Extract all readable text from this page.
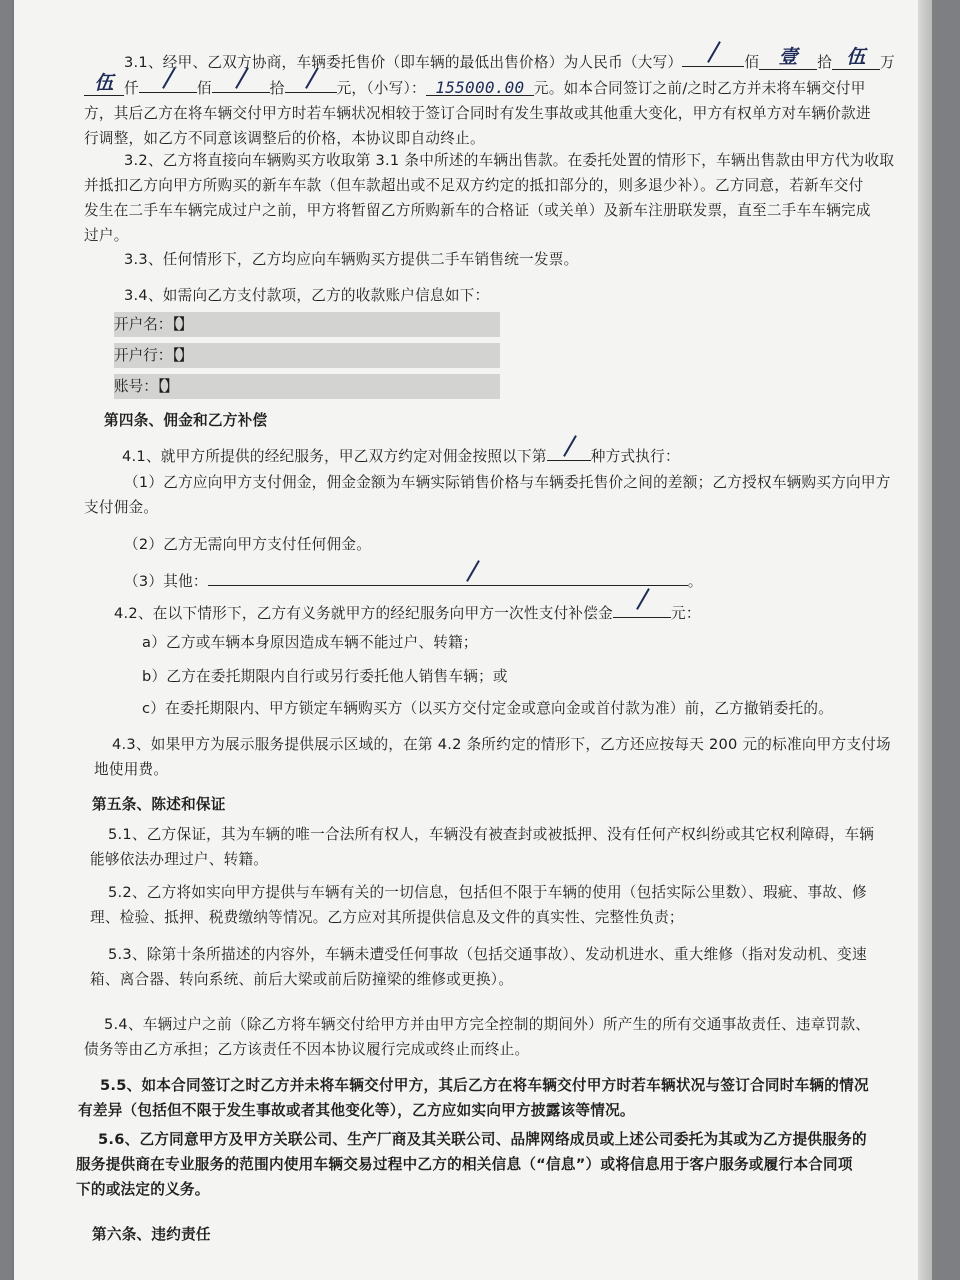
3.1、经甲、乙双方协商，车辆委托售价（即车辆的最低出售价格）为人民币（大写）	佰 壹 拾 伍 万
伍 仟	佰	拾	元，（小写）： 155000.00 元。如本合同签订之前/之时乙方并未将车辆交付甲
方，其后乙方在将车辆交付甲方时若车辆状况相较于签订合同时有发生事故或其他重大变化，甲方有权单方对车辆价款进
行调整，如乙方不同意该调整后的价格，本协议即自动终止。
3.2、乙方将直接向车辆购买方收取第 3.1 条中所述的车辆出售款。在委托处置的情形下，车辆出售款由甲方代为收取
并抵扣乙方向甲方所购买的新车车款（但车款超出或不足双方约定的抵扣部分的，则多退少补）。乙方同意，若新车交付
发生在二手车车辆完成过户之前，甲方将暂留乙方所购新车的合格证（或关单）及新车注册联发票，直至二手车车辆完成
过户。
3.3、任何情形下，乙方均应向车辆购买方提供二手车销售统一发票。
3.4、如需向乙方支付款项，乙方的收款账户信息如下：
开户名：【 】
开户行：【 】
账号：【 】
第四条、佣金和乙方补偿
4.1、就甲方所提供的经纪服务，甲乙双方约定对佣金按照以下第	种方式执行：
（1）乙方应向甲方支付佣金，佣金金额为车辆实际销售价格与车辆委托售价之间的差额；乙方授权车辆购买方向甲方
支付佣金。
（2）乙方无需向甲方支付任何佣金。
（3）其他：	。
4.2、在以下情形下，乙方有义务就甲方的经纪服务向甲方一次性支付补偿金	元：
a）乙方或车辆本身原因造成车辆不能过户、转籍；
b）乙方在委托期限内自行或另行委托他人销售车辆；或
c）在委托期限内、甲方锁定车辆购买方（以买方交付定金或意向金或首付款为准）前，乙方撤销委托的。
4.3、如果甲方为展示服务提供展示区域的，在第 4.2 条所约定的情形下，乙方还应按每天 200 元的标准向甲方支付场
地使用费。
第五条、陈述和保证
5.1、乙方保证，其为车辆的唯一合法所有权人，车辆没有被查封或被抵押、没有任何产权纠纷或其它权利障碍，车辆
能够依法办理过户、转籍。
5.2、乙方将如实向甲方提供与车辆有关的一切信息，包括但不限于车辆的使用（包括实际公里数）、瑕疵、事故、修
理、检验、抵押、税费缴纳等情况。乙方应对其所提供信息及文件的真实性、完整性负责；
5.3、除第十条所描述的内容外，车辆未遭受任何事故（包括交通事故）、发动机进水、重大维修（指对发动机、变速
箱、离合器、转向系统、前后大梁或前后防撞梁的维修或更换）。
5.4、车辆过户之前（除乙方将车辆交付给甲方并由甲方完全控制的期间外）所产生的所有交通事故责任、违章罚款、
债务等由乙方承担；乙方该责任不因本协议履行完成或终止而终止。
5.5、如本合同签订之时乙方并未将车辆交付甲方，其后乙方在将车辆交付甲方时若车辆状况与签订合同时车辆的情况
有差异（包括但不限于发生事故或者其他变化等），乙方应如实向甲方披露该等情况。
5.6、乙方同意甲方及甲方关联公司、生产厂商及其关联公司、品牌网络成员或上述公司委托为其或为乙方提供服务的
服务提供商在专业服务的范围内使用车辆交易过程中乙方的相关信息（“信息”）或将信息用于客户服务或履行本合同项
下的或法定的义务。
第六条、违约责任
